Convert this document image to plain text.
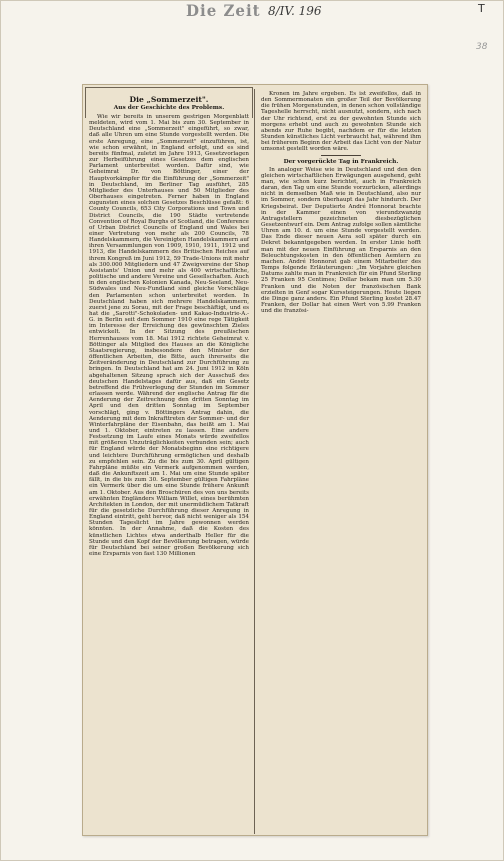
Die Zeit 8/IV. 196	T
38
Die „Sommerzeit".
Aus der Geschichte des Problems.

Wie wir bereits in unserem gestrigen Morgenblatt meldeten, wird vom 1. Mai bis zum 30. September in Deutschland eine „Sommerzeit" eingeführt, so zwar, daß alle Uhren um eine Stunde vorgestellt werden. Die erste Anregung, eine „Sommerzeit" einzuführen, ist, wie schon erwähnt, in England erfolgt, und es sind bereits fünfmal, zuletzt im Jahre 1913, Gesetzvorlagen zur Herbeiführung eines Gesetzes dem englischen Parlament unterbreitet worden. Dafür sind, wie Geheimrat Dr. von Böttinger, einer der Hauptvorkämpfer für die Einführung der „Sommerzeit" in Deutschland, im Berliner Tag ausführt, 285 Mitglieder des Unterhauses und 50 Mitglieder des Oberhauses eingetreten. Ferner haben in England zugunsten eines solchen Gesetzes Beschlüsse gefaßt: 6 County Councils, 653 City Corporations und Town und District Councils, die 190 Städte vertretende Convention of Royal Burghs of Scotland, die Conference of Urban District Councils of England und Wales bei einer Vertretung von mehr als 200 Councils, 78 Handelskammern, die Vereinigten Handelskammern auf ihren Versammlungen von 1909, 1910, 1911, 1912 und 1913, die Handelskammern des Britischen Reiches auf ihrem Kongreß im Juni 1912, 59 Trade-Unions mit mehr als 300.000 Mitgliedern und 47 Zweigvereine der Shop Assistants' Union und mehr als 400 wirtschaftliche, politische und andere Vereine und Gesellschaften. Auch in den englischen Kolonien Kanada, Neu-Seeland, Neu-Südwales und Neu-Fundland sind gleiche Vorschläge den Parlamenten schon unterbreitet worden. In Deutschland haben sich mehrere Handelskammern, zuerst jene zu Sorau, mit der Frage beschäftigt, und es hat die „Sarotti"-Schokoladen- und Kakao-Industrie-A.-G. in Berlin seit dem Sommer 1910 eine rege Tätigkeit im Interesse der Erreichung des gewünschten Zieles entwickelt. In der Sitzung des preußischen Herrenhauses vom 18. Mai 1912 richtete Geheimrat v. Böttinger als Mitglied des Hauses an die Königliche Staatsregierung, insbesondere den Minister der öffentlichen Arbeiten, die Bitte, auch ihrerseits die Zeitveränderung in Deutschland zur Durchführung zu bringen. In Deutschland hat am 24. Juni 1912 in Köln abgehaltenen Sitzung sprach sich der Ausschuß des deutschen Handelstages dafür aus, daß ein Gesetz betreffend die Frühverlegung der Stunden im Sommer erlassen werde. Während der englische Antrag für die Aenderung der Zeitrechnung den dritten Sonntag im April und den dritten Sonntag im September vorschlägt, ging v. Böttingers Antrag dahin, die Aenderung mit dem Inkrafttreten der Sommer- und der Winterfahrpläne der Eisenbahn, das heißt am 1. Mai und 1. Oktober, eintreten zu lassen. Eine andere Festsetzung im Laufe eines Monats würde zweifellos mit größeren Unzuträglichkeiten verbunden sein; auch für England würde der Monatsbeginn eine richtigere und leichtere Durchführung ermöglichen und deshalb zu empfehlen sein. Zu die bis zum 30. April gültigen Fahrpläne müßte ein Vermerk aufgenommen werden, daß die Ankunftszeit am 1. Mai um eine Stunde später fällt, in die bis zum 30. September gültigen Fahrpläne ein Vermerk über die um eine Stunde frühere Ankunft am 1. Oktober. Aus den Broschüren des von uns bereits erwähnten Engländers William Willet, eines berühmten Architekten in London, der mit unermüdlichem Tatkraft für die gesetzliche Durchführung dieser Anregung in England eintritt, geht hervor, daß nicht weniger als 154 Stunden Tageslicht im Jahre gewonnen werden könnten. In der Annahme, daß die Kosten des künstlichen Lichtes etwa anderthalb Heller für die Stunde und den Kopf der Bevölkerung betragen, würde für Deutschland bei seiner großen Bevölkerung sich eine Ersparnis von fast 130 Millionen

Kronen im Jahre ergeben. Es ist zweifellos, daß in den Sommermonaten ein großer Teil der Bevölkerung die frühen Morgenstunden, in denen schon vollständige Tageshelle herrscht, nicht ausnutzt, sondern, sich nach der Uhr richtend, erst zu der gewohnten Stunde sich morgens erhebt und auch zu gewohnten Stunde sich abends zur Ruhe begibt, nachdem er für die letzten Stunden künstliches Licht verbraucht hat, während ihm bei früherem Beginn der Arbeit das Licht von der Natur umsonst gestellt worden wäre.

Der vorgerückte Tag in Frankreich.

In analoger Weise wie in Deutschland und den den gleichen wirtschaftlichen Erwägungen ausgehend, geht man, wie schon kurz berichtet, auch in Frankreich daran, den Tag um eine Stunde vorzurücken, allerdings nicht in demselben Maß wie in Deutschland, also nur im Sommer, sondern überhaupt das Jahr hindurch. Der Kriegsbeirat. Der Deputierte André Honnorat brachte in der Kammer einen von vierundzwanzig Antragstellern gezeichneten diesbezüglichen Gesetzentwurf ein. Dem Antrag zufolge sollen sämtliche Uhren am 10. d. um eine Stunde vorgestellt werden. Das Ende dieser neuen Aera soll später durch ein Dekret bekanntgegeben werden. In erster Linie hofft man mit der neuen Einführung an Ersparnis an den Beleuchtungskosten in den öffentlichen Aemtern zu machen. André Honnorat gab einem Mitarbeiter des Temps folgende Erläuterungen: „Im Vorjahre gleichen Datums zahlte man in Frankreich für ein Pfund Sterling 25 Franken 95 Centimes; Dollar bekam man um 5.30 Franken und die Noten der französischen Bank erzielten in Genf sogar Kurssteigerungen. Heute liegen die Dinge ganz anders. Ein Pfund Sterling kostet 28.47 Franken, der Dollar hat einen Wert von 5.99 Franken und die französi-
